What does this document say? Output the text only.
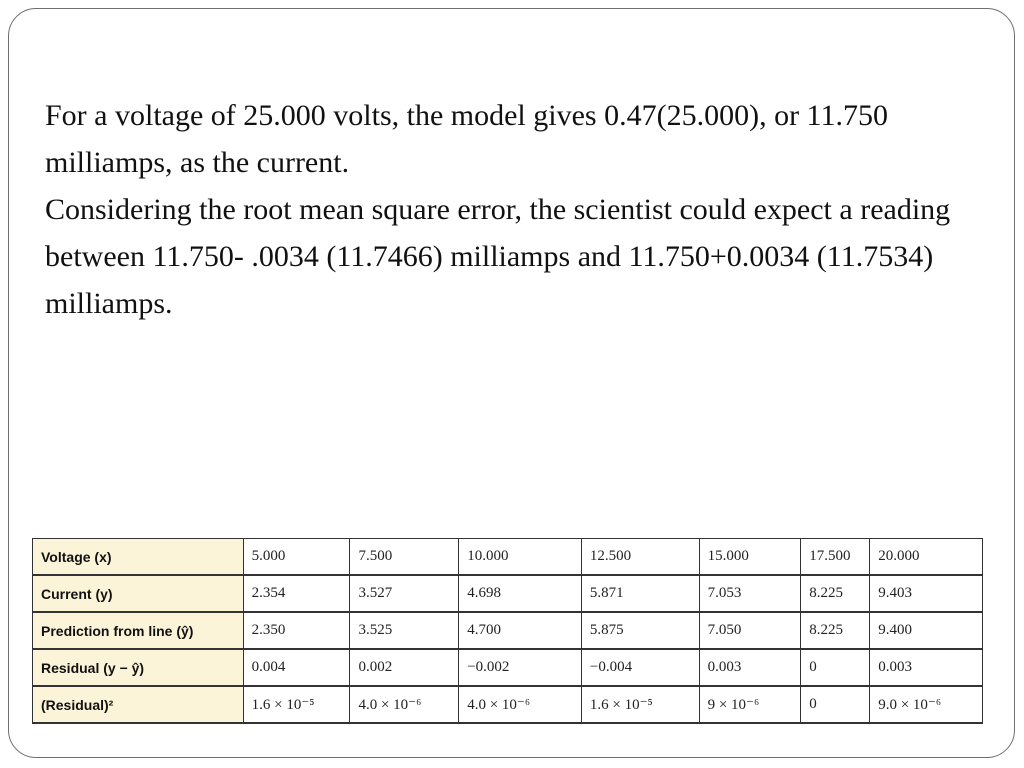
For a voltage of 25.000 volts, the model gives 0.47(25.000), or 11.750 milliamps, as the current.

Considering the root mean square error, the scientist could expect a reading between 11.750- .0034 (11.7466) milliamps and 11.750+0.0034 (11.7534) milliamps.

Voltage (x)	5.000	7.500	10.000	12.500	15.000	17.500	20.000
Current (y)	2.354	3.527	4.698	5.871	7.053	8.225	9.403
Prediction from line (ŷ)	2.350	3.525	4.700	5.875	7.050	8.225	9.400
Residual (y − ŷ)	0.004	0.002	−0.002	−0.004	0.003	0	0.003
(Residual)²	1.6 × 10⁻⁵	4.0 × 10⁻⁶	4.0 × 10⁻⁶	1.6 × 10⁻⁵	9 × 10⁻⁶	0	9.0 × 10⁻⁶
